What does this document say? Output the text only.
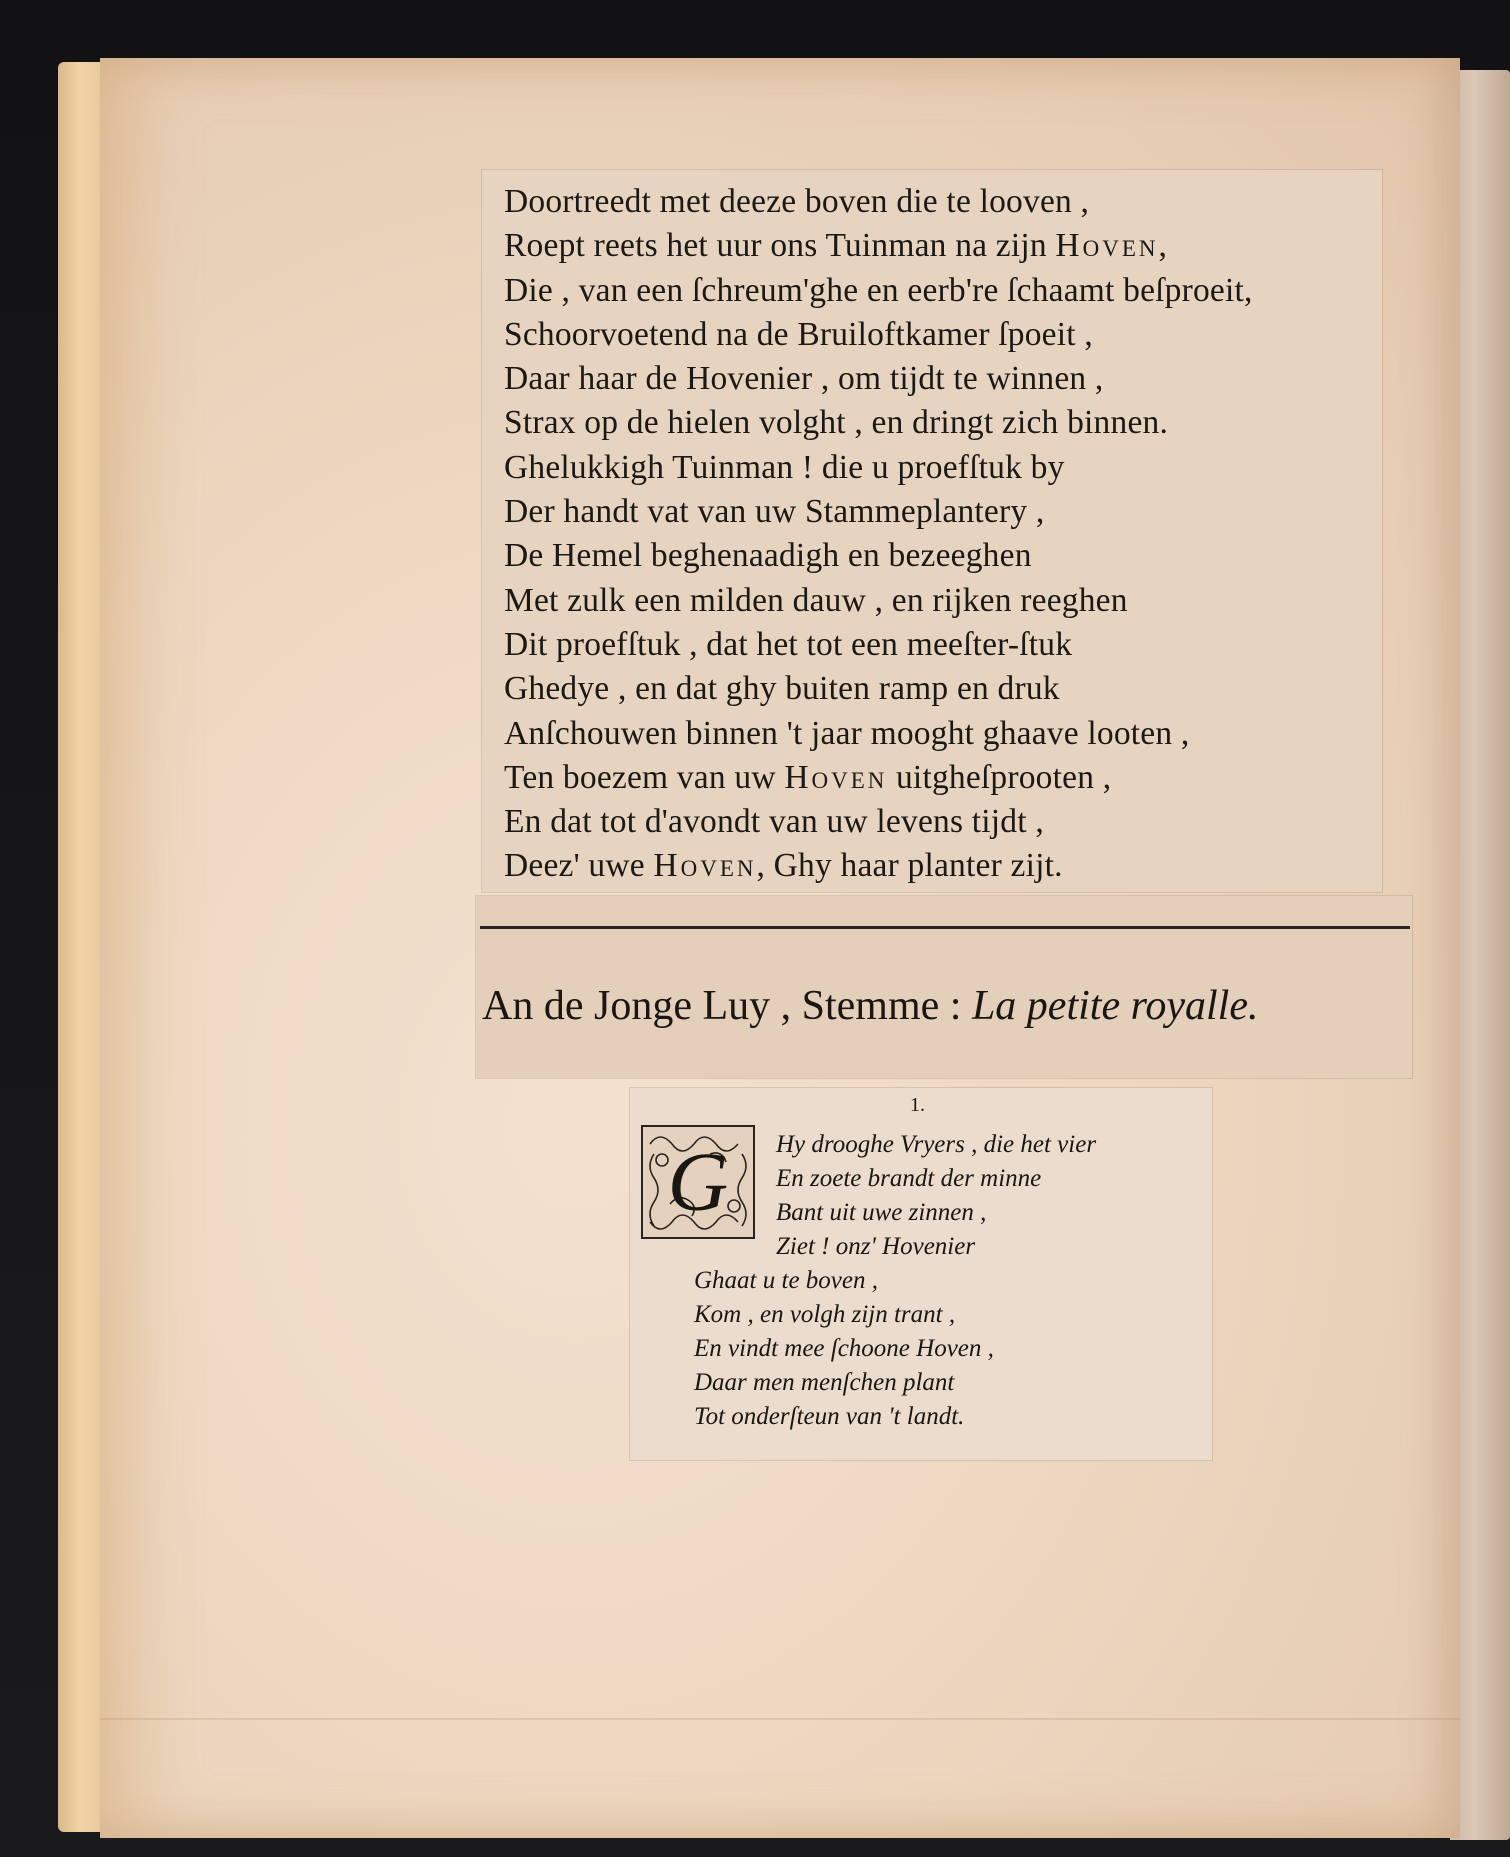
Doortreedt met deeze boven die te looven ,
Roept reets het uur ons Tuinman na zijn Hoven,
Die , van een ſchreum'ghe en eerb're ſchaamt beſproeit,
Schoorvoetend na de Bruiloftkamer ſpoeit ,
Daar haar de Hovenier , om tijdt te winnen ,
Strax op de hielen volght , en dringt zich binnen.
Ghelukkigh Tuinman ! die u proefſtuk by
Der handt vat van uw Stammeplantery ,
De Hemel beghenaadigh en bezeeghen
Met zulk een milden dauw , en rijken reeghen
Dit proefſtuk , dat het tot een meeſter-ſtuk
Ghedye , en dat ghy buiten ramp en druk
Anſchouwen binnen 't jaar mooght ghaave looten ,
Ten boezem van uw Hoven uitgheſprooten ,
En dat tot d'avondt van uw levens tijdt ,
Deez' uwe Hoven, Ghy haar planter zijt.
An de Jonge Luy , Stemme : La petite royalle.
1.
G Hy drooghe Vryers , die het vier
En zoete brandt der minne
Bant uit uwe zinnen ,
Ziet ! onz' Hovenier
Ghaat u te boven ,
Kom , en volgh zijn trant ,
En vindt mee ſchoone Hoven ,
Daar men menſchen plant
Tot onderſteun van 't landt.
